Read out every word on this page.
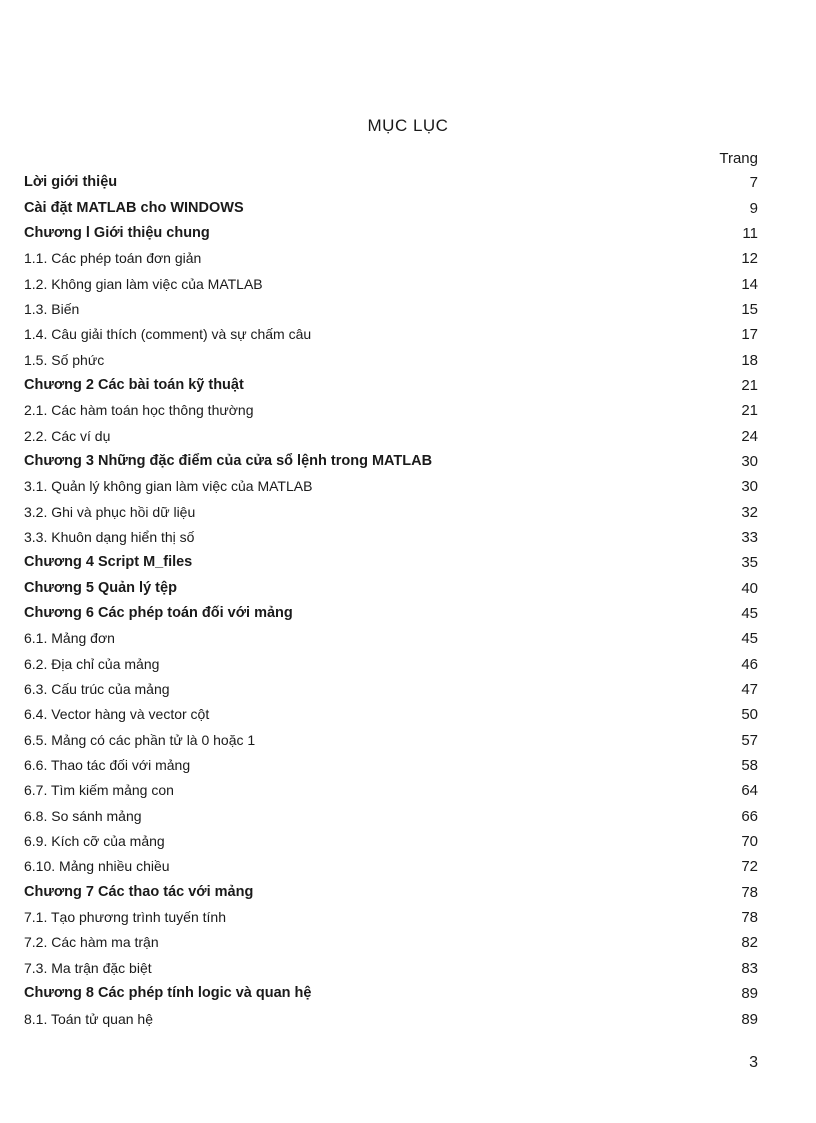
MỤC LỤC
Trang
Lời giới thiệu	7
Cài đặt MATLAB cho WINDOWS	9
Chương l Giới thiệu chung	11
1.1. Các phép toán đơn giản	12
1.2. Không gian làm việc của MATLAB	14
1.3. Biến	15
1.4. Câu giải thích (comment) và sự chấm câu	17
1.5. Số phức	18
Chương 2 Các bài toán kỹ thuật	21
2.1. Các hàm toán học thông thường	21
2.2. Các ví dụ	24
Chương 3 Những đặc điểm của cửa sổ lệnh trong MATLAB	30
3.1. Quản lý không gian làm việc của MATLAB	30
3.2. Ghi và phục hồi dữ liệu	32
3.3. Khuôn dạng hiển thị số	33
Chương 4 Script M_files	35
Chương 5 Quản lý tệp	40
Chương 6 Các phép toán đối với mảng	45
6.1. Mảng đơn	45
6.2. Địa chỉ của mảng	46
6.3. Cấu trúc của mảng	47
6.4. Vector hàng và vector cột	50
6.5. Mảng có các phần tử là 0 hoặc 1	57
6.6. Thao tác đối với mảng	58
6.7. Tìm kiếm mảng con	64
6.8. So sánh mảng	66
6.9. Kích cỡ của mảng	70
6.10. Mảng nhiều chiều	72
Chương 7 Các thao tác với mảng	78
7.1. Tạo phương trình tuyến tính	78
7.2. Các hàm ma trận	82
7.3. Ma trận đặc biệt	83
Chương 8 Các phép tính logic và quan hệ	89
8.1. Toán tử quan hệ	89
3
